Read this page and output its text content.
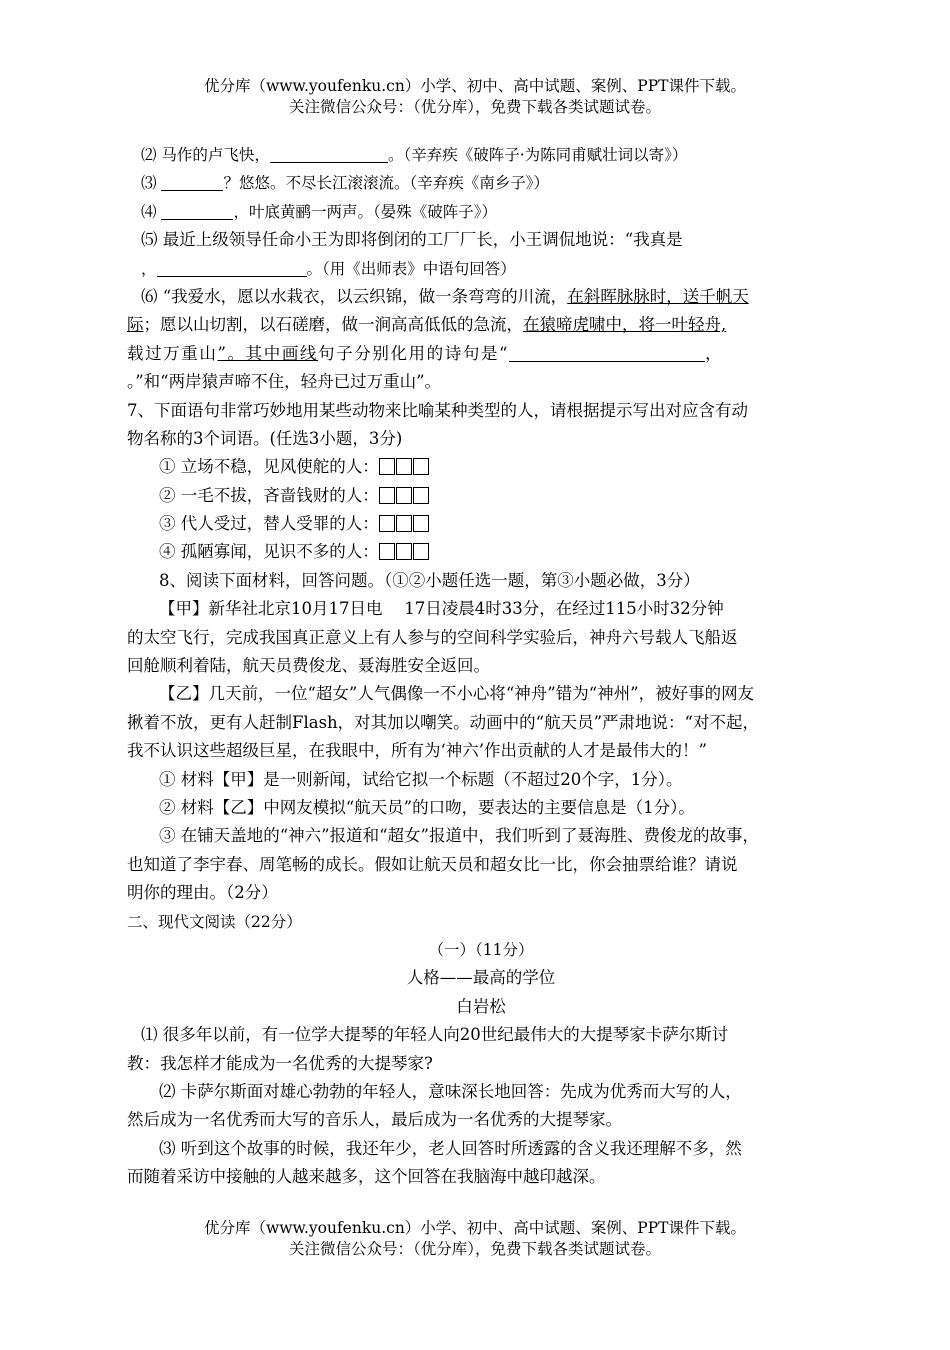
优分库（www.youfenku.cn）小学、初中、高中试题、案例、PPT课件下载。
关注微信公众号：（优分库），免费下载各类试题试卷。
⑵ 马作的卢飞快，	。（辛弃疾《破阵子·为陈同甫赋壮词以寄》）
⑶	？悠悠。不尽长江滚滚流。（辛弃疾《南乡子》）
⑷	，叶底黄鹂一两声。（晏殊《破阵子》）
⑸ 最近上级领导任命小王为即将倒闭的工厂厂长，小王调侃地说：“我真是
，	。（用《出师表》中语句回答）
⑹ “我爱水，愿以水栽衣，以云织锦，做一条弯弯的川流，在斜晖脉脉时，送千帆天
际；愿以山切割，以石磋磨，做一涧高高低低的急流，在猿啼虎啸中，将一叶轻舟,
载过万重山”。其中画线句子分别化用的诗句是“	，
。”和“两岸猿声啼不住，轻舟已过万重山”。
7、下面语句非常巧妙地用某些动物来比喻某种类型的人，请根据提示写出对应含有动
物名称的3个词语。(任选3小题，3分)
① 立场不稳，见风使舵的人：
② 一毛不拔，吝啬钱财的人：
③ 代人受过，替人受罪的人：
④ 孤陋寡闻，见识不多的人：
8、阅读下面材料，回答问题。（①②小题任选一题，第③小题必做，3分）
【甲】新华社北京10月17日电　 17日凌晨4时33分，在经过115小时32分钟
的太空飞行，完成我国真正意义上有人参与的空间科学实验后，神舟六号载人飞船返
回舱顺利着陆，航天员费俊龙、聂海胜安全返回。
【乙】几天前，一位“超女”人气偶像一不小心将“神舟”错为“神州”，被好事的网友
揪着不放，更有人赶制Flash，对其加以嘲笑。动画中的“航天员”严肃地说：“对不起，
我不认识这些超级巨星，在我眼中，所有为‘神六’作出贡献的人才是最伟大的！”
① 材料【甲】是一则新闻，试给它拟一个标题（不超过20个字，1分）。
② 材料【乙】中网友模拟“航天员”的口吻，要表达的主要信息是（1分）。
③ 在铺天盖地的“神六”报道和“超女”报道中，我们听到了聂海胜、费俊龙的故事，
也知道了李宇春、周笔畅的成长。假如让航天员和超女比一比，你会抽票给谁？请说
明你的理由。（2分）
二、现代文阅读（22分）
（一）（11分）
人格——最高的学位
白岩松
⑴ 很多年以前，有一位学大提琴的年轻人向20世纪最伟大的大提琴家卡萨尔斯讨
教：我怎样才能成为一名优秀的大提琴家?
⑵ 卡萨尔斯面对雄心勃勃的年轻人，意味深长地回答：先成为优秀而大写的人，
然后成为一名优秀而大写的音乐人，最后成为一名优秀的大提琴家。
⑶ 听到这个故事的时候，我还年少，老人回答时所透露的含义我还理解不多，然
而随着采访中接触的人越来越多，这个回答在我脑海中越印越深。
优分库（www.youfenku.cn）小学、初中、高中试题、案例、PPT课件下载。
关注微信公众号：（优分库），免费下载各类试题试卷。
